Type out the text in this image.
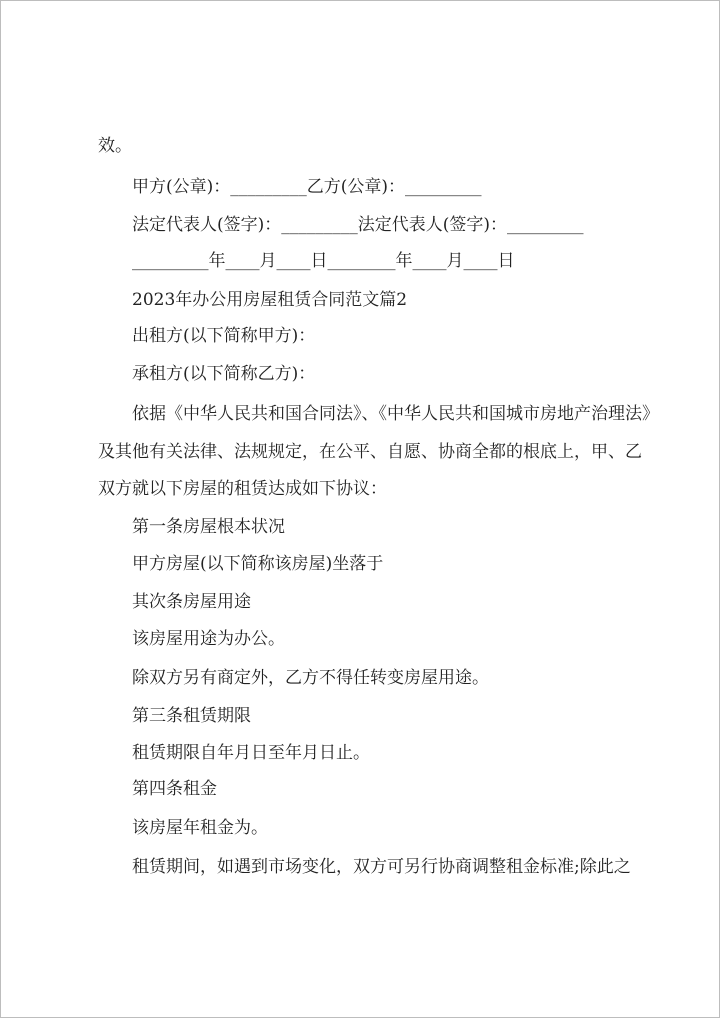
效。
甲方(公章)：_________乙方(公章)：_________
法定代表人(签字)：_________法定代表人(签字)：_________
_________年____月____日________年____月____日
2023年办公用房屋租赁合同范文篇2
出租方(以下简称甲方)：
承租方(以下简称乙方)：
依据《中华人民共和国合同法》、《中华人民共和国城市房地产治理法》
及其他有关法律、法规规定，在公平、自愿、协商全都的根底上，甲、乙
双方就以下房屋的租赁达成如下协议：
第一条房屋根本状况
甲方房屋(以下简称该房屋)坐落于
其次条房屋用途
该房屋用途为办公。
除双方另有商定外，乙方不得任转变房屋用途。
第三条租赁期限
租赁期限自年月日至年月日止。
第四条租金
该房屋年租金为。
租赁期间，如遇到市场变化，双方可另行协商调整租金标准;除此之
